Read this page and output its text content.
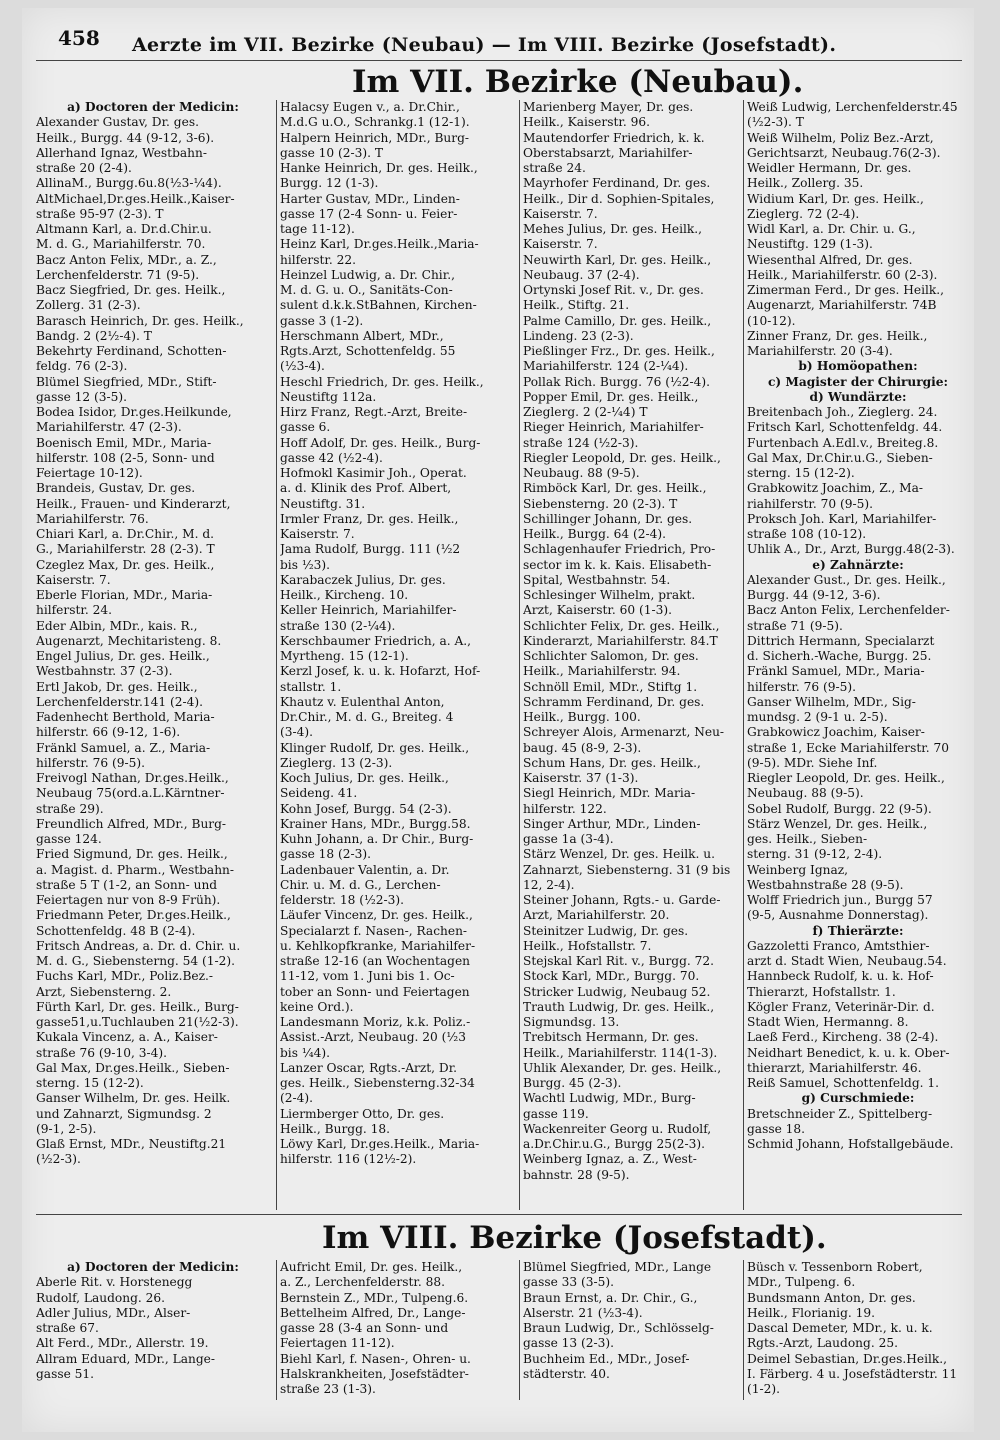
458 Aerzte im VII. Bezirke (Neubau) — Im VIII. Bezirke (Josefstadt).
Im VII. Bezirke (Neubau).
a) Doctoren der Medicin:
Alexander Gustav, Dr. ges.
Heilk., Burgg. 44 (9-12, 3-6).
Allerhand Ignaz, Westbahn-
straße 20 (2-4).
AllinaM., Burgg.6u.8(½3-¼4).
AltMichael,Dr.ges.Heilk.,Kaiser-
straße 95-97 (2-3). T
Altmann Karl, a. Dr.d.Chir.u.
M. d. G., Mariahilferstr. 70.
Bacz Anton Felix, MDr., a. Z.,
Lerchenfelderstr. 71 (9-5).
Bacz Siegfried, Dr. ges. Heilk.,
Zollerg. 31 (2-3).
Barasch Heinrich, Dr. ges. Heilk.,
Bandg. 2 (2½-4). T
Bekehrty Ferdinand, Schotten-
feldg. 76 (2-3).
Blümel Siegfried, MDr., Stift-
gasse 12 (3-5).
Bodea Isidor, Dr.ges.Heilkunde,
Mariahilferstr. 47 (2-3).
Boenisch Emil, MDr., Maria-
hilferstr. 108 (2-5, Sonn- und
Feiertage 10-12).
Brandeis, Gustav, Dr. ges.
Heilk., Frauen- und Kinderarzt,
Mariahilferstr. 76.
Chiari Karl, a. Dr.Chir., M. d.
G., Mariahilferstr. 28 (2-3). T
Czeglez Max, Dr. ges. Heilk.,
Kaiserstr. 7.
Eberle Florian, MDr., Maria-
hilferstr. 24.
Eder Albin, MDr., kais. R.,
Augenarzt, Mechitaristeng. 8.
Engel Julius, Dr. ges. Heilk.,
Westbahnstr. 37 (2-3).
Ertl Jakob, Dr. ges. Heilk.,
Lerchenfelderstr.141 (2-4).
Fadenhecht Berthold, Maria-
hilferstr. 66 (9-12, 1-6).
Fränkl Samuel, a. Z., Maria-
hilferstr. 76 (9-5).
Freivogl Nathan, Dr.ges.Heilk.,
Neubaug 75(ord.a.L.Kärntner-
straße 29).
Freundlich Alfred, MDr., Burg-
gasse 124.
Fried Sigmund, Dr. ges. Heilk.,
a. Magist. d. Pharm., Westbahn-
straße 5 T (1-2, an Sonn- und
Feiertagen nur von 8-9 Früh).
Friedmann Peter, Dr.ges.Heilk.,
Schottenfeldg. 48 B (2-4).
Fritsch Andreas, a. Dr. d. Chir. u.
M. d. G., Siebensterng. 54 (1-2).
Fuchs Karl, MDr., Poliz.Bez.-
Arzt, Siebensterng. 2.
Fürth Karl, Dr. ges. Heilk., Burg-
gasse51,u.Tuchlauben 21(½2-3).
Kukala Vincenz, a. A., Kaiser-
straße 76 (9-10, 3-4).
Gal Max, Dr.ges.Heilk., Sieben-
sterng. 15 (12-2).
Ganser Wilhelm, Dr. ges. Heilk.
und Zahnarzt, Sigmundsg. 2
(9-1, 2-5).
Glaß Ernst, MDr., Neustiftg.21
(½2-3).
Halacsy Eugen v., a. Dr.Chir.,
M.d.G u.O., Schrankg.1 (12-1).
Halpern Heinrich, MDr., Burg-
gasse 10 (2-3). T
Hanke Heinrich, Dr. ges. Heilk.,
Burgg. 12 (1-3).
Harter Gustav, MDr., Linden-
gasse 17 (2-4 Sonn- u. Feier-
tage 11-12).
Heinz Karl, Dr.ges.Heilk.,Maria-
hilferstr. 22.
Heinzel Ludwig, a. Dr. Chir.,
M. d. G. u. O., Sanitäts-Con-
sulent d.k.k.StBahnen, Kirchen-
gasse 3 (1-2).
Herschmann Albert, MDr.,
Rgts.Arzt, Schottenfeldg. 55
(½3-4).
Heschl Friedrich, Dr. ges. Heilk.,
Neustiftg 112a.
Hirz Franz, Regt.-Arzt, Breite-
gasse 6.
Hoff Adolf, Dr. ges. Heilk., Burg-
gasse 42 (½2-4).
Hofmokl Kasimir Joh., Operat.
a. d. Klinik des Prof. Albert,
Neustiftg. 31.
Irmler Franz, Dr. ges. Heilk.,
Kaiserstr. 7.
Jama Rudolf, Burgg. 111 (½2
bis ½3).
Karabaczek Julius, Dr. ges.
Heilk., Kircheng. 10.
Keller Heinrich, Mariahilfer-
straße 130 (2-¼4).
Kerschbaumer Friedrich, a. A.,
Myrtheng. 15 (12-1).
Kerzl Josef, k. u. k. Hofarzt, Hof-
stallstr. 1.
Khautz v. Eulenthal Anton,
Dr.Chir., M. d. G., Breiteg. 4
(3-4).
Klinger Rudolf, Dr. ges. Heilk.,
Zieglerg. 13 (2-3).
Koch Julius, Dr. ges. Heilk.,
Seideng. 41.
Kohn Josef, Burgg. 54 (2-3).
Krainer Hans, MDr., Burgg.58.
Kuhn Johann, a. Dr Chir., Burg-
gasse 18 (2-3).
Ladenbauer Valentin, a. Dr.
Chir. u. M. d. G., Lerchen-
felderstr. 18 (½2-3).
Läufer Vincenz, Dr. ges. Heilk.,
Specialarzt f. Nasen-, Rachen-
u. Kehlkopfkranke, Mariahilfer-
straße 12-16 (an Wochentagen
11-12, vom 1. Juni bis 1. Oc-
tober an Sonn- und Feiertagen
keine Ord.).
Landesmann Moriz, k.k. Poliz.-
Assist.-Arzt, Neubaug. 20 (½3
bis ¼4).
Lanzer Oscar, Rgts.-Arzt, Dr.
ges. Heilk., Siebensterng.32-34
(2-4).
Liermberger Otto, Dr. ges.
Heilk., Burgg. 18.
Löwy Karl, Dr.ges.Heilk., Maria-
hilferstr. 116 (12½-2).
Marienberg Mayer, Dr. ges.
Heilk., Kaiserstr. 96.
Mautendorfer Friedrich, k. k.
Oberstabsarzt, Mariahilfer-
straße 24.
Mayrhofer Ferdinand, Dr. ges.
Heilk., Dir d. Sophien-Spitales,
Kaiserstr. 7.
Mehes Julius, Dr. ges. Heilk.,
Kaiserstr. 7.
Neuwirth Karl, Dr. ges. Heilk.,
Neubaug. 37 (2-4).
Ortynski Josef Rit. v., Dr. ges.
Heilk., Stiftg. 21.
Palme Camillo, Dr. ges. Heilk.,
Lindeng. 23 (2-3).
Pießlinger Frz., Dr. ges. Heilk.,
Mariahilferstr. 124 (2-¼4).
Pollak Rich. Burgg. 76 (½2-4).
Popper Emil, Dr. ges. Heilk.,
Zieglerg. 2 (2-¼4) T
Rieger Heinrich, Mariahilfer-
straße 124 (½2-3).
Riegler Leopold, Dr. ges. Heilk.,
Neubaug. 88 (9-5).
Rimböck Karl, Dr. ges. Heilk.,
Siebensterng. 20 (2-3). T
Schillinger Johann, Dr. ges.
Heilk., Burgg. 64 (2-4).
Schlagenhaufer Friedrich, Pro-
sector im k. k. Kais. Elisabeth-
Spital, Westbahnstr. 54.
Schlesinger Wilhelm, prakt.
Arzt, Kaiserstr. 60 (1-3).
Schlichter Felix, Dr. ges. Heilk.,
Kinderarzt, Mariahilferstr. 84.T
Schlichter Salomon, Dr. ges.
Heilk., Mariahilferstr. 94.
Schnöll Emil, MDr., Stiftg 1.
Schramm Ferdinand, Dr. ges.
Heilk., Burgg. 100.
Schreyer Alois, Armenarzt, Neu-
baug. 45 (8-9, 2-3).
Schum Hans, Dr. ges. Heilk.,
Kaiserstr. 37 (1-3).
Siegl Heinrich, MDr. Maria-
hilferstr. 122.
Singer Arthur, MDr., Linden-
gasse 1a (3-4).
Stärz Wenzel, Dr. ges. Heilk. u.
Zahnarzt, Siebensterng. 31 (9 bis
12, 2-4).
Steiner Johann, Rgts.- u. Garde-
Arzt, Mariahilferstr. 20.
Steinitzer Ludwig, Dr. ges.
Heilk., Hofstallstr. 7.
Stejskal Karl Rit. v., Burgg. 72.
Stock Karl, MDr., Burgg. 70.
Stricker Ludwig, Neubaug 52.
Trauth Ludwig, Dr. ges. Heilk.,
Sigmundsg. 13.
Trebitsch Hermann, Dr. ges.
Heilk., Mariahilferstr. 114(1-3).
Uhlik Alexander, Dr. ges. Heilk.,
Burgg. 45 (2-3).
Wachtl Ludwig, MDr., Burg-
gasse 119.
Wackenreiter Georg u. Rudolf,
a.Dr.Chir.u.G., Burgg 25(2-3).
Weinberg Ignaz, a. Z., West-
bahnstr. 28 (9-5).
Weiß Ludwig, Lerchenfelderstr.45
(½2-3). T
Weiß Wilhelm, Poliz Bez.-Arzt,
Gerichtsarzt, Neubaug.76(2-3).
Weidler Hermann, Dr. ges.
Heilk., Zollerg. 35.
Widium Karl, Dr. ges. Heilk.,
Zieglerg. 72 (2-4).
Widl Karl, a. Dr. Chir. u. G.,
Neustiftg. 129 (1-3).
Wiesenthal Alfred, Dr. ges.
Heilk., Mariahilferstr. 60 (2-3).
Zimerman Ferd., Dr ges. Heilk.,
Augenarzt, Mariahilferstr. 74B
(10-12).
Zinner Franz, Dr. ges. Heilk.,
Mariahilferstr. 20 (3-4).
b) Homöopathen:
c) Magister der Chirurgie:
d) Wundärzte:
Breitenbach Joh., Zieglerg. 24.
Fritsch Karl, Schottenfeldg. 44.
Furtenbach A.Edl.v., Breiteg.8.
Gal Max, Dr.Chir.u.G., Sieben-
sterng. 15 (12-2).
Grabkowitz Joachim, Z., Ma-
riahilferstr. 70 (9-5).
Proksch Joh. Karl, Mariahilfer-
straße 108 (10-12).
Uhlik A., Dr., Arzt, Burgg.48(2-3).
e) Zahnärzte:
Alexander Gust., Dr. ges. Heilk.,
Burgg. 44 (9-12, 3-6).
Bacz Anton Felix, Lerchenfelder-
straße 71 (9-5).
Dittrich Hermann, Specialarzt
d. Sicherh.-Wache, Burgg. 25.
Fränkl Samuel, MDr., Maria-
hilferstr. 76 (9-5).
Ganser Wilhelm, MDr., Sig-
mundsg. 2 (9-1 u. 2-5).
Grabkowicz Joachim, Kaiser-
straße 1, Ecke Mariahilferstr. 70
(9-5). MDr. Siehe Inf.
Riegler Leopold, Dr. ges. Heilk.,
Neubaug. 88 (9-5).
Sobel Rudolf, Burgg. 22 (9-5).
Stärz Wenzel, Dr. ges. Heilk.,
ges. Heilk., Sieben-
sterng. 31 (9-12, 2-4).
Weinberg Ignaz,
Westbahnstraße 28 (9-5).
Wolff Friedrich jun., Burgg 57
(9-5, Ausnahme Donnerstag).
f) Thierärzte:
Gazzoletti Franco, Amtsthier-
arzt d. Stadt Wien, Neubaug.54.
Hannbeck Rudolf, k. u. k. Hof-
Thierarzt, Hofstallstr. 1.
Kögler Franz, Veterinär-Dir. d.
Stadt Wien, Hermanng. 8.
Laeß Ferd., Kircheng. 38 (2-4).
Neidhart Benedict, k. u. k. Ober-
thierarzt, Mariahilferstr. 46.
Reiß Samuel, Schottenfeldg. 1.
g) Curschmiede:
Bretschneider Z., Spittelberg-
gasse 18.
Schmid Johann, Hofstallgebäude.
Im VIII. Bezirke (Josefstadt).
a) Doctoren der Medicin:
Aberle Rit. v. Horstenegg
Rudolf, Laudong. 26.
Adler Julius, MDr., Alser-
straße 67.
Alt Ferd., MDr., Allerstr. 19.
Allram Eduard, MDr., Lange-
gasse 51.
Aufricht Emil, Dr. ges. Heilk.,
a. Z., Lerchenfelderstr. 88.
Bernstein Z., MDr., Tulpeng.6.
Bettelheim Alfred, Dr., Lange-
gasse 28 (3-4 an Sonn- und
Feiertagen 11-12).
Biehl Karl, f. Nasen-, Ohren- u.
Halskrankheiten, Josefstädter-
straße 23 (1-3).
Blümel Siegfried, MDr., Lange
gasse 33 (3-5).
Braun Ernst, a. Dr. Chir., G.,
Alserstr. 21 (½3-4).
Braun Ludwig, Dr., Schlösselg-
gasse 13 (2-3).
Buchheim Ed., MDr., Josef-
städterstr. 40.
Büsch v. Tessenborn Robert,
MDr., Tulpeng. 6.
Bundsmann Anton, Dr. ges.
Heilk., Florianig. 19.
Dascal Demeter, MDr., k. u. k.
Rgts.-Arzt, Laudong. 25.
Deimel Sebastian, Dr.ges.Heilk.,
I. Färberg. 4 u. Josefstädterstr. 11
(1-2).
